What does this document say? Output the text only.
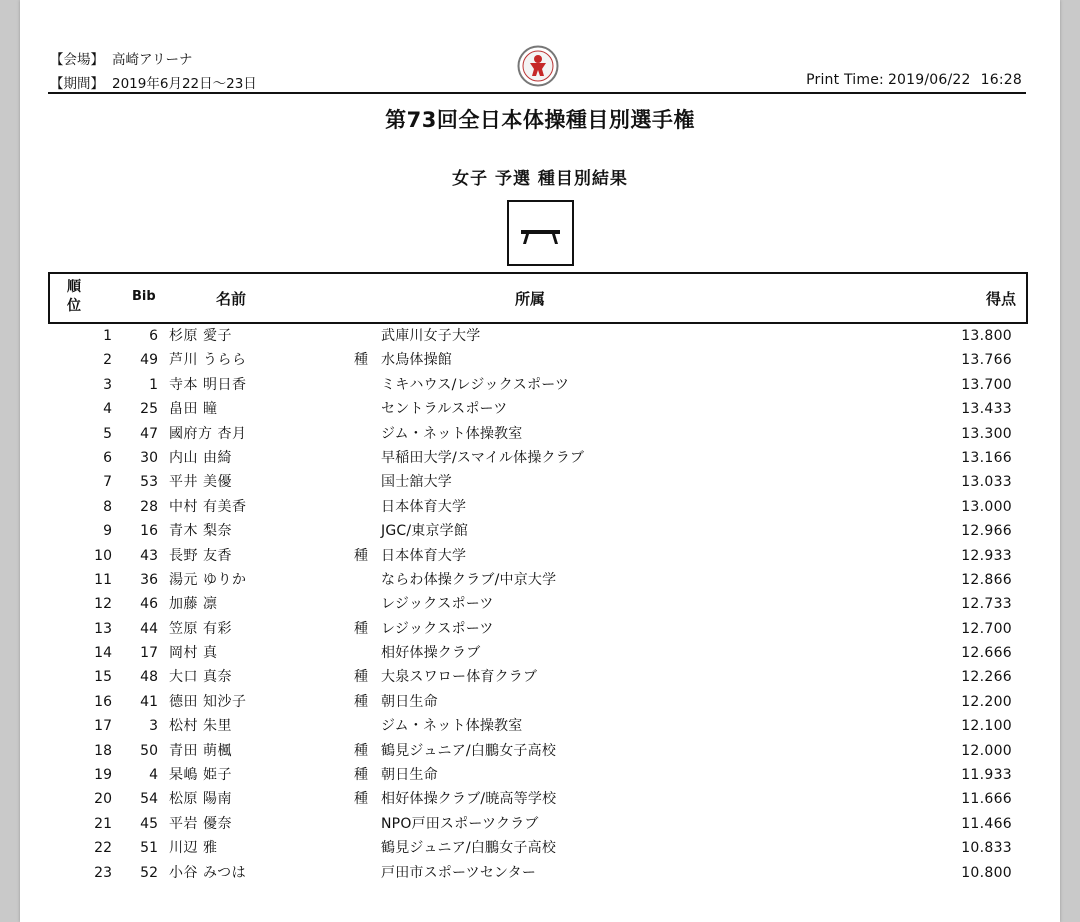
【会場】 高崎アリーナ
【期間】 2019年6月22日～23日	Print Time: 2019/06/22 16:28
第73回全日本体操種目別選手権
女子 予選 種目別結果
順
位
Bib	名前	所属	得点
1	6 杉原 愛子	武庫川女子大学	13.800
2	49 芦川 うらら	種 水鳥体操館	13.766
3	1 寺本 明日香	ミキハウス/レジックスポーツ	13.700
4	25 畠田 瞳	セントラルスポーツ	13.433
5	47 國府方 杏月	ジム・ネット体操教室	13.300
6	30 内山 由綺	早稲田大学/スマイル体操クラブ	13.166
7	53 平井 美優	国士舘大学	13.033
8	28 中村 有美香	日本体育大学	13.000
9	16 青木 梨奈	JGC/東京学館	12.966
10	43 長野 友香	種 日本体育大学	12.933
11	36 湯元 ゆりか	ならわ体操クラブ/中京大学	12.866
12	46 加藤 凛	レジックスポーツ	12.733
13	44 笠原 有彩	種 レジックスポーツ	12.700
14	17 岡村 真	相好体操クラブ	12.666
15	48 大口 真奈	種 大泉スワロー体育クラブ	12.266
16	41 德田 知沙子	種 朝日生命	12.200
17	3 松村 朱里	ジム・ネット体操教室	12.100
18	50 青田 萌楓	種 鶴見ジュニア/白鵬女子高校	12.000
19	4 杲嶋 姫子	種 朝日生命	11.933
20	54 松原 陽南	種 相好体操クラブ/暁高等学校	11.666
21	45 平岩 優奈	NPO戸田スポーツクラブ	11.466
22	51 川辺 雅	鶴見ジュニア/白鵬女子高校	10.833
23	52 小谷 みつは	戸田市スポーツセンター	10.800
